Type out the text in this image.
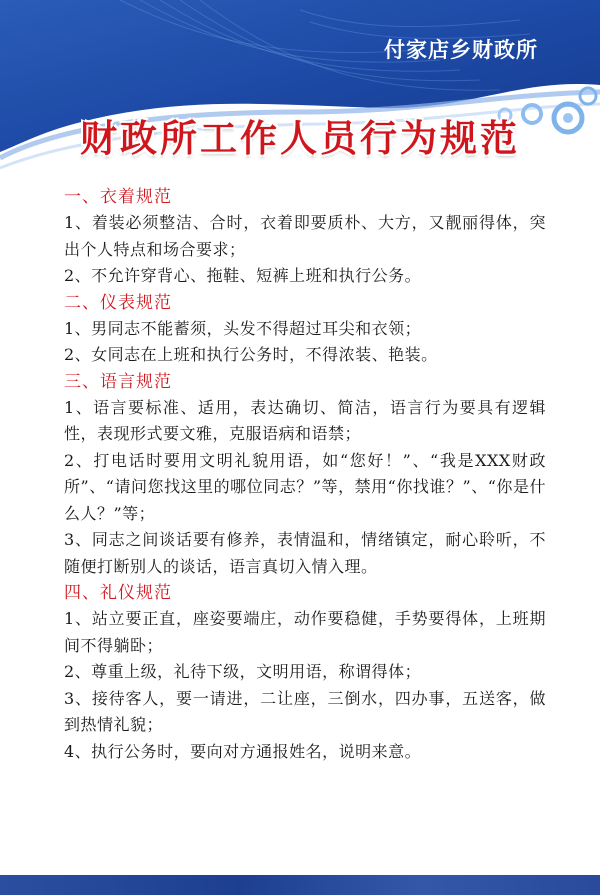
付家店乡财政所
财政所工作人员行为规范
一、衣着规范
1、着装必须整洁、合时，衣着即要质朴、大方，又靓丽得体，突出个人特点和场合要求；
2、不允许穿背心、拖鞋、短裤上班和执行公务。
二、仪表规范
1、男同志不能蓄须，头发不得超过耳尖和衣领；
2、女同志在上班和执行公务时，不得浓装、艳装。
三、语言规范
1、语言要标准、适用，表达确切、简洁，语言行为要具有逻辑性，表现形式要文雅，克服语病和语禁；
2、打电话时要用文明礼貌用语，如“您好！”、“我是XXX财政所”、“请问您找这里的哪位同志？”等，禁用“你找谁？”、“你是什么人？”等；
3、同志之间谈话要有修养，表情温和，情绪镇定，耐心聆听，不随便打断别人的谈话，语言真切入情入理。
四、礼仪规范
1、站立要正直，座姿要端庄，动作要稳健，手势要得体，上班期间不得躺卧；
2、尊重上级，礼待下级，文明用语，称谓得体；
3、接待客人，要一请进，二让座，三倒水，四办事，五送客，做到热情礼貌；
4、执行公务时，要向对方通报姓名，说明来意。
